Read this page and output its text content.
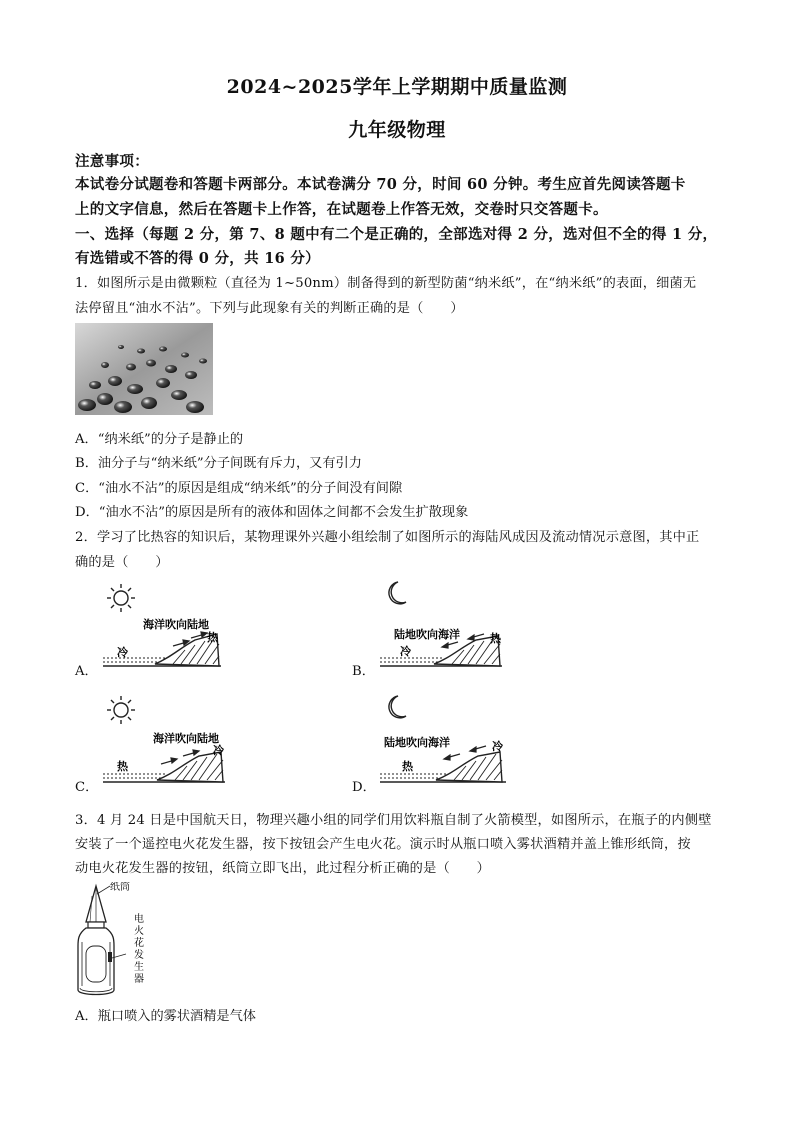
2024~2025学年上学期期中质量监测
九年级物理
注意事项：
本试卷分试题卷和答题卡两部分。本试卷满分 70 分，时间 60 分钟。考生应首先阅读答题卡
上的文字信息，然后在答题卡上作答，在试题卷上作答无效，交卷时只交答题卡。
一、选择（每题 2 分，第 7、8 题中有二个是正确的，全部选对得 2 分，选对但不全的得 1 分，
有选错或不答的得 0 分，共 16 分）
1．如图所示是由微颗粒（直径为 1~50nm）制备得到的新型防菌“纳米纸”，在“纳米纸”的表面，细菌无
法停留且“油水不沾”。下列与此现象有关的判断正确的是（　　）
A．“纳米纸”的分子是静止的
B．油分子与“纳米纸”分子间既有斥力，又有引力
C．“油水不沾”的原因是组成“纳米纸”的分子间没有间隙
D．“油水不沾”的原因是所有的液体和固体之间都不会发生扩散现象
2．学习了比热容的知识后，某物理课外兴趣小组绘制了如图所示的海陆风成因及流动情况示意图，其中正
确的是（　　）
A．
海洋吹向陆地
冷
热
B．
陆地吹向海洋
冷
热
C．
海洋吹向陆地
热
冷
D．
陆地吹向海洋
热
冷
3．4 月 24 日是中国航天日，物理兴趣小组的同学们用饮料瓶自制了火箭模型，如图所示，在瓶子的内侧壁
安装了一个遥控电火花发生器，按下按钮会产生电火花。演示时从瓶口喷入雾状酒精并盖上锥形纸筒，按
动电火花发生器的按钮，纸筒立即飞出，此过程分析正确的是（　　）
纸筒
电
火
花
发
生
器
A．瓶口喷入的雾状酒精是气体
